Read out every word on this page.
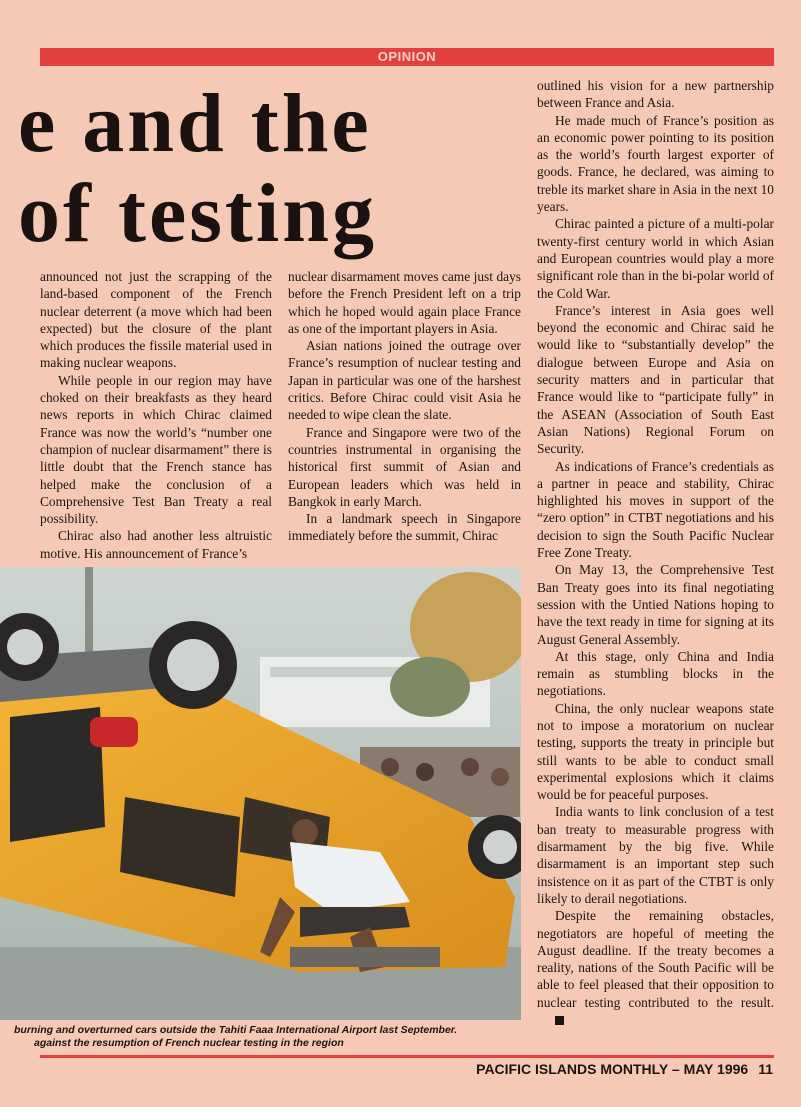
OPINION
e and the
of testing

announced not just the scrapping of the land-based component of the French nuclear deterrent (a move which had been expected) but the closure of the plant which produces the fissile material used in making nuclear weapons.

While people in our region may have choked on their breakfasts as they heard news reports in which Chirac claimed France was now the world’s “number one champion of nuclear disarmament” there is little doubt that the French stance has helped make the conclusion of a Comprehensive Test Ban Treaty a real possibility.

Chirac also had another less altruistic motive. His announcement of France’s

nuclear disarmament moves came just days before the French President left on a trip which he hoped would again place France as one of the important players in Asia.

Asian nations joined the outrage over France’s resumption of nuclear testing and Japan in particular was one of the harshest critics. Before Chirac could visit Asia he needed to wipe clean the slate.

France and Singapore were two of the countries instrumental in organising the historical first summit of Asian and European leaders which was held in Bangkok in early March.

In a landmark speech in Singapore immediately before the summit, Chirac

outlined his vision for a new partnership between France and Asia.

He made much of France’s position as an economic power pointing to its position as the world’s fourth largest exporter of goods. France, he declared, was aiming to treble its market share in Asia in the next 10 years.

Chirac painted a picture of a multi-polar twenty-first century world in which Asian and European countries would play a more significant role than in the bi-polar world of the Cold War.

France’s interest in Asia goes well beyond the economic and Chirac said he would like to “substantially develop” the dialogue between Europe and Asia on security matters and in particular that France would like to “participate fully” in the ASEAN (Association of South East Asian Nations) Regional Forum on Security.

As indications of France’s credentials as a partner in peace and stability, Chirac highlighted his moves in support of the “zero option” in CTBT negotiations and his decision to sign the South Pacific Nuclear Free Zone Treaty.

On May 13, the Comprehensive Test Ban Treaty goes into its final negotiating session with the Untied Nations hoping to have the text ready in time for signing at its August General Assembly.

At this stage, only China and India remain as stumbling blocks in the negotiations.

China, the only nuclear weapons state not to impose a moratorium on nuclear testing, supports the treaty in principle but still wants to be able to conduct small experimental explosions which it claims would be for peaceful purposes.

India wants to link conclusion of a test ban treaty to measurable progress with disarmament by the big five. While disarmament is an important step such insistence on it as part of the CTBT is only likely to derail negotiations.

Despite the remaining obstacles, negotiators are hopeful of meeting the August deadline. If the treaty becomes a reality, nations of the South Pacific will be able to feel pleased that their opposition to nuclear testing contributed to the result.

burning and overturned cars outside the Tahiti Faaa International Airport last September.
against the resumption of French nuclear testing in the region

PACIFIC ISLANDS MONTHLY – MAY 1996 11
